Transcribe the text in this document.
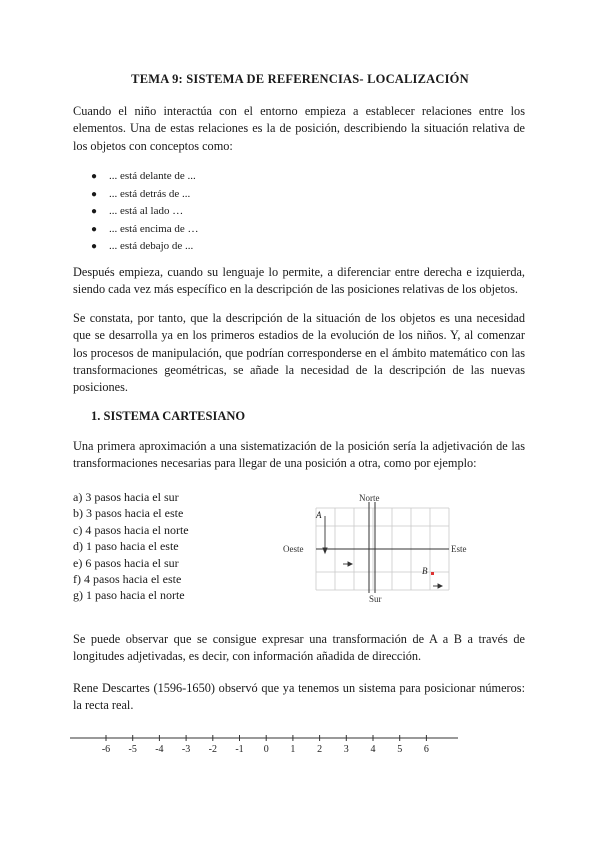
TEMA 9: SISTEMA DE REFERENCIAS- LOCALIZACIÓN
Cuando el niño interactúa con el entorno empieza a establecer relaciones entre los elementos. Una de estas relaciones es la de posición, describiendo la situación relativa de los objetos con conceptos como:
● ... está delante de ...
● ... está detrás de ...
● ... está al lado …
● ... está encima de …
● ... está debajo de ...
Después empieza, cuando su lenguaje lo permite, a diferenciar entre derecha e izquierda, siendo cada vez más específico en la descripción de las posiciones relativas de los objetos.
Se constata, por tanto, que la descripción de la situación de los objetos es una necesidad que se desarrolla ya en los primeros estadios de la evolución de los niños. Y, al comenzar los procesos de manipulación, que podrían corresponderse en el ámbito matemático con las transformaciones geométricas, se añade la necesidad de la descripción de las nuevas posiciones.
1. SISTEMA CARTESIANO
Una primera aproximación a una sistematización de la posición sería la adjetivación de las transformaciones necesarias para llegar de una posición a otra, como por ejemplo:
a) 3 pasos hacia el sur
b) 3 pasos hacia el este
c) 4 pasos hacia el norte
d) 1 paso hacia el este
e) 6 pasos hacia el sur
f) 4 pasos hacia el este
g) 1 paso hacia el norte
Norte
Sur
Este
Oeste
A
B
Se puede observar que se consigue expresar una transformación de A a B a través de longitudes adjetivadas, es decir, con información añadida de dirección.
Rene Descartes (1596-1650) observó que ya tenemos un sistema para posicionar números: la recta real.
-6 -5 -4 -3 -2 -1 0 1 2 3 4 5 6
